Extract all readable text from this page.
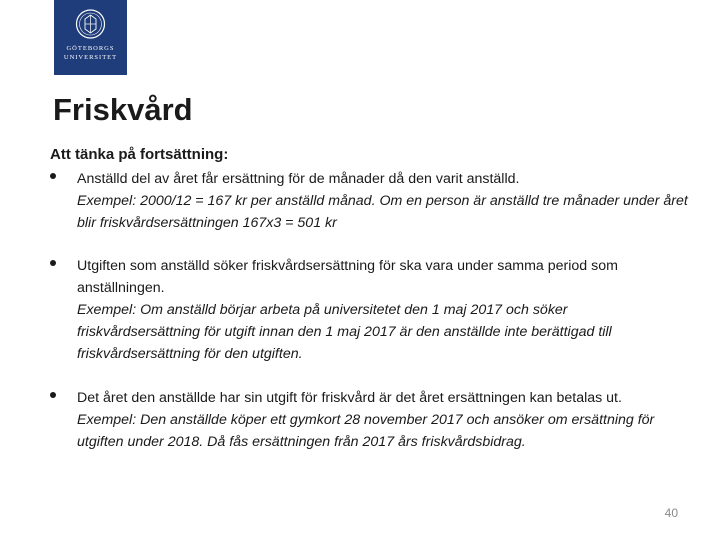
GÖTEBORGS
UNIVERSITET
Friskvård
Att tänka på fortsättning:
Anställd del av året får ersättning för de månader då den varit anställd.
Exempel: 2000/12 = 167 kr per anställd månad. Om en person är anställd tre månader under året blir friskvårdsersättningen 167x3 = 501 kr
Utgiften som anställd söker friskvårdsersättning för ska vara under samma period som anställningen.
Exempel: Om anställd börjar arbeta på universitetet den 1 maj 2017 och söker friskvårdsersättning för utgift innan den 1 maj 2017 är den anställde inte berättigad till friskvårdsersättning för den utgiften.
Det året den anställde har sin utgift för friskvård är det året ersättningen kan betalas ut.
Exempel: Den anställde köper ett gymkort 28 november 2017 och ansöker om ersättning för utgiften under 2018. Då fås ersättningen från 2017 års friskvårdsbidrag.
40
